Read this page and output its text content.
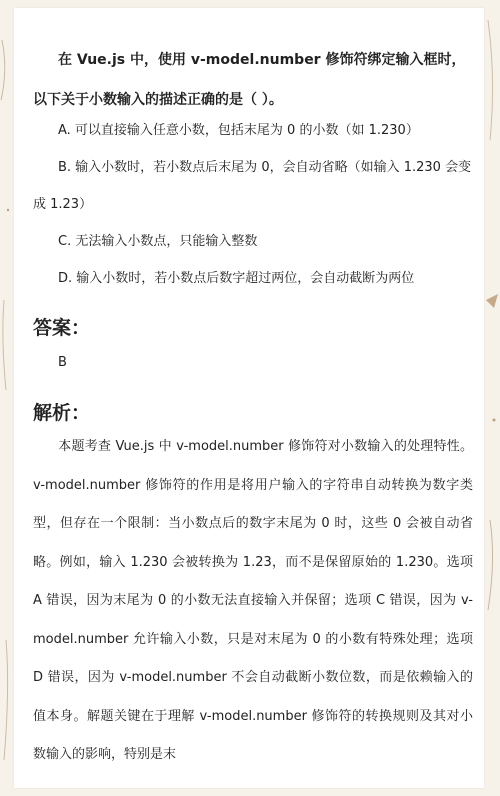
在 Vue.js 中，使用 v-model.number 修饰符绑定输入框时，以下关于小数输入的描述正确的是（ ）。
A. 可以直接输入任意小数，包括末尾为 0 的小数（如 1.230）
B. 输入小数时，若小数点后末尾为 0，会自动省略（如输入 1.230 会变成 1.23）
C. 无法输入小数点，只能输入整数
D. 输入小数时，若小数点后数字超过两位，会自动截断为两位
答案：
B
解析：
本题考查 Vue.js 中 v-model.number 修饰符对小数输入的处理特性。v-model.number 修饰符的作用是将用户输入的字符串自动转换为数字类型，但存在一个限制：当小数点后的数字末尾为 0 时，这些 0 会被自动省略。例如，输入 1.230 会被转换为 1.23，而不是保留原始的 1.230。选项 A 错误，因为末尾为 0 的小数无法直接输入并保留；选项 C 错误，因为 v-model.number 允许输入小数，只是对末尾为 0 的小数有特殊处理；选项 D 错误，因为 v-model.number 不会自动截断小数位数，而是依赖输入的值本身。解题关键在于理解 v-model.number 修饰符的转换规则及其对小数输入的影响，特别是末
